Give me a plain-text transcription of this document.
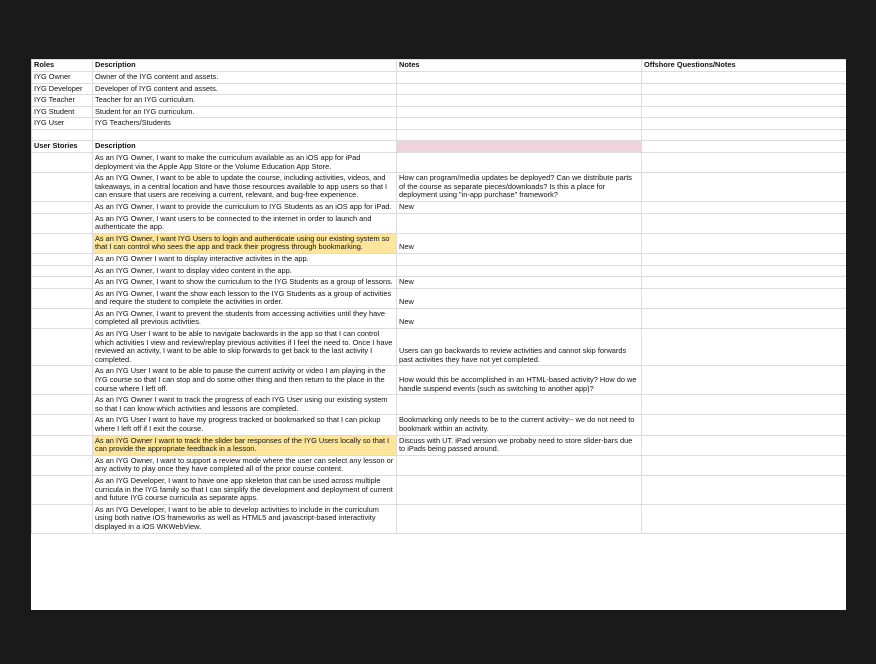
Roles	Description	Notes	Offshore Questions/Notes
IYG Owner	Owner of the IYG content and assets.		
IYG Developer	Developer of IYG content and assets.		
IYG Teacher	Teacher for an IYG curriculum.		
IYG Student	Student for an IYG curriculum.		
IYG User	IYG Teachers/Students		

User Stories	Description		
	As an IYG Owner, I want to make the curriculum available as an iOS app for iPad deployment via the Apple App Store or the Volume Education App Store.		
	As an IYG Owner, I want to be able to update the course, including activities, videos, and takeaways, in a central location and have those resources available to app users so that I can ensure that users are receiving a current, relevant, and bug-free experience.	How can program/media updates be deployed? Can we distribute parts of the course as separate pieces/downloads? Is this a place for deployment using "in-app purchase" framework?	
	As an IYG Owner, I want to provide the curriculum to IYG Students as an iOS app for iPad.	New	
	As an IYG Owner, I want users to be connected to the internet in order to launch and authenticate the app.		
	As an IYG Owner, I want IYG Users to login and authenticate using our existing system so that I can control who sees the app and track their progress through bookmarking.	New	
	As an IYG Owner I want to display interactive activites in the app.		
	As an IYG Owner, I want to display video content in the app.		
	As an IYG Owner, I want to show the curriculum to the IYG Students as a group of lessons.	New	
	As an IYG Owner, I want the show each lesson to the IYG Students as a group of activities and require the student to complete the activities in order.	New	
	As an IYG Owner, I want to prevent the students from accessing activities until they have completed all previous activities.	New	
	As an IYG User I want to be able to navigate backwards in the app so that I can control which activities I view and review/replay previous activities if I feel the need to. Once I have reviewed an activity, I want to be able to skip forwards to get back to the last activity I completed.	Users can go backwards to review activities and cannot skip forwards past activities they have not yet completed.	
	As an IYG User I want to be able to pause the current activity or video I am playing in the IYG course so that I can stop and do some other thing and then return to the place in the course where I left off.	How would this be accomplished in an HTML-based activity? How do we handle suspend events (such as switching to another app)?	
	As an IYG Owner I want to track the progress of each IYG User using our existing system so that I can know which activities and lessons are completed.		
	As an IYG User I want to have my progress tracked or bookmarked so that I can pickup where I left off if I exit the course.	Bookmarking only needs to be to the current activity-- we do not need to bookmark within an activity.	
	As an IYG Owner I want to track the slider bar responses of the IYG Users locally so that I can provide the appropriate feedback in a lesson.	Discuss with UT. iPad version we probaby need to store slider-bars due to iPads being passed around.	
	As an IYG Owner, I want to support a review mode where the user can select any lesson or any activity to play once they have completed all of the prior course content.		
	As an IYG Developer, I want to have one app skeleton that can be used across multiple curricula in the IYG family so that I can simplify the development and deployment of current and future IYG course curricula as separate apps.		
	As an IYG Developer, I want to be able to develop activities to include in the curriculum using both native iOS frameworks as well as HTML5 and javascript-based interactivity displayed in a iOS WKWebView.		
